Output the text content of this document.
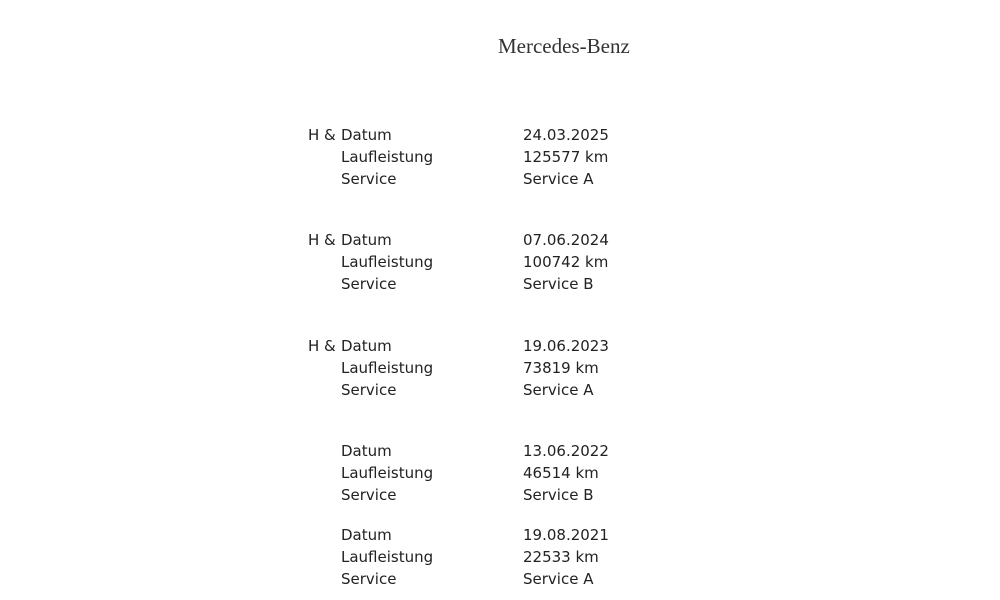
Mercedes-Benz
H & Datum	24.03.2025
Laufleistung	125577 km
Service	Service A
H & Datum	07.06.2024
Laufleistung	100742 km
Service	Service B
H & Datum	19.06.2023
Laufleistung	73819 km
Service	Service A
Datum	13.06.2022
Laufleistung	46514 km
Service	Service B
Datum	19.08.2021
Laufleistung	22533 km
Service	Service A
